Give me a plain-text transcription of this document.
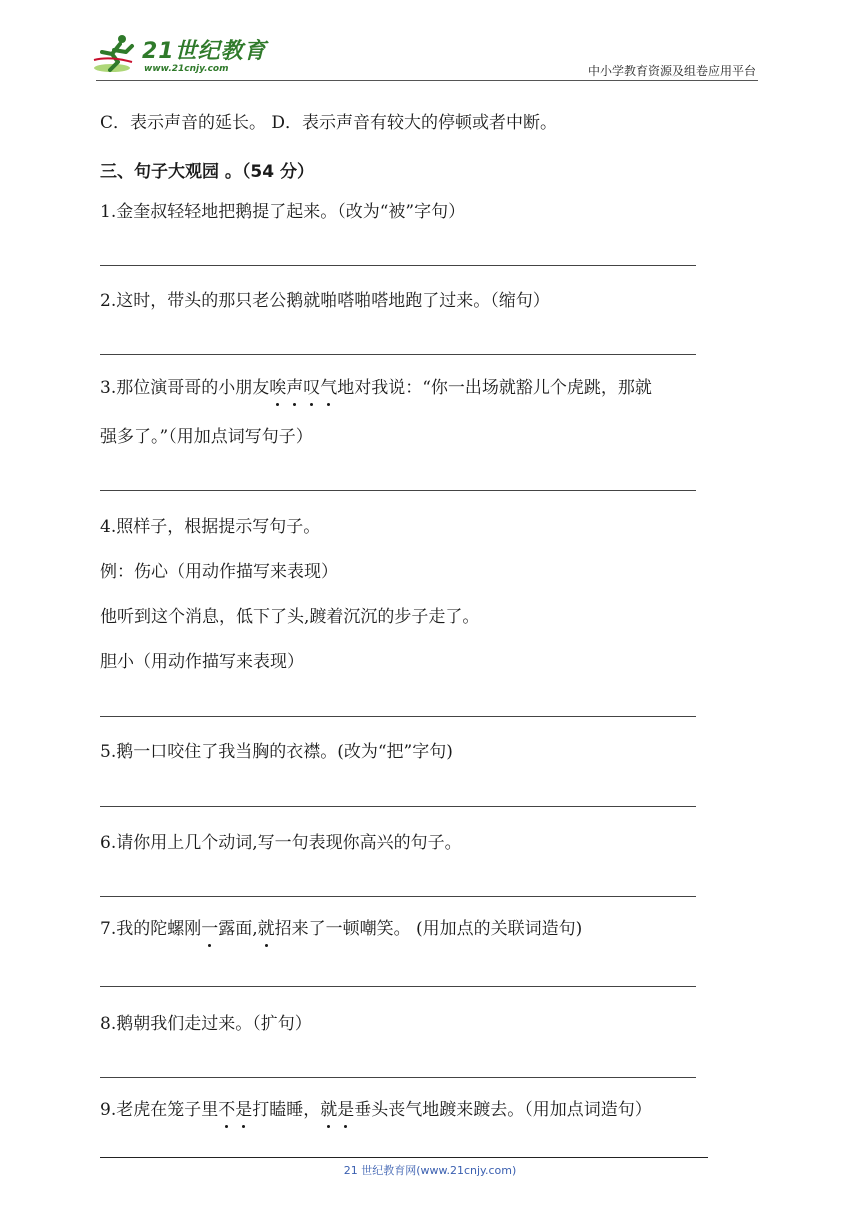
21世纪教育
www.21cnjy.com	中小学教育资源及组卷应用平台
C．表示声音的延长。 D．表示声音有较大的停顿或者中断。
三、句子大观园 。（54 分）
1.金奎叔轻轻地把鹅提了起来。（改为“被”字句）
2.这时，带头的那只老公鹅就啪嗒啪嗒地跑了过来。（缩句）
3.那位演哥哥的小朋友唉声叹气地对我说：“你一出场就豁儿个虎跳，那就
强多了。”（用加点词写句子）
4.照样子，根据提示写句子。
例：伤心（用动作描写来表现）
他听到这个消息，低下了头,踱着沉沉的步子走了。
胆小（用动作描写来表现）
5.鹅一口咬住了我当胸的衣襟。(改为“把”字句)
6.请你用上几个动词,写一句表现你高兴的句子。
7.我的陀螺刚一露面,就招来了一顿嘲笑。 (用加点的关联词造句)
8.鹅朝我们走过来。（扩句）
9.老虎在笼子里不是打瞌睡，就是垂头丧气地踱来踱去。（用加点词造句）
21 世纪教育网(www.21cnjy.com)
